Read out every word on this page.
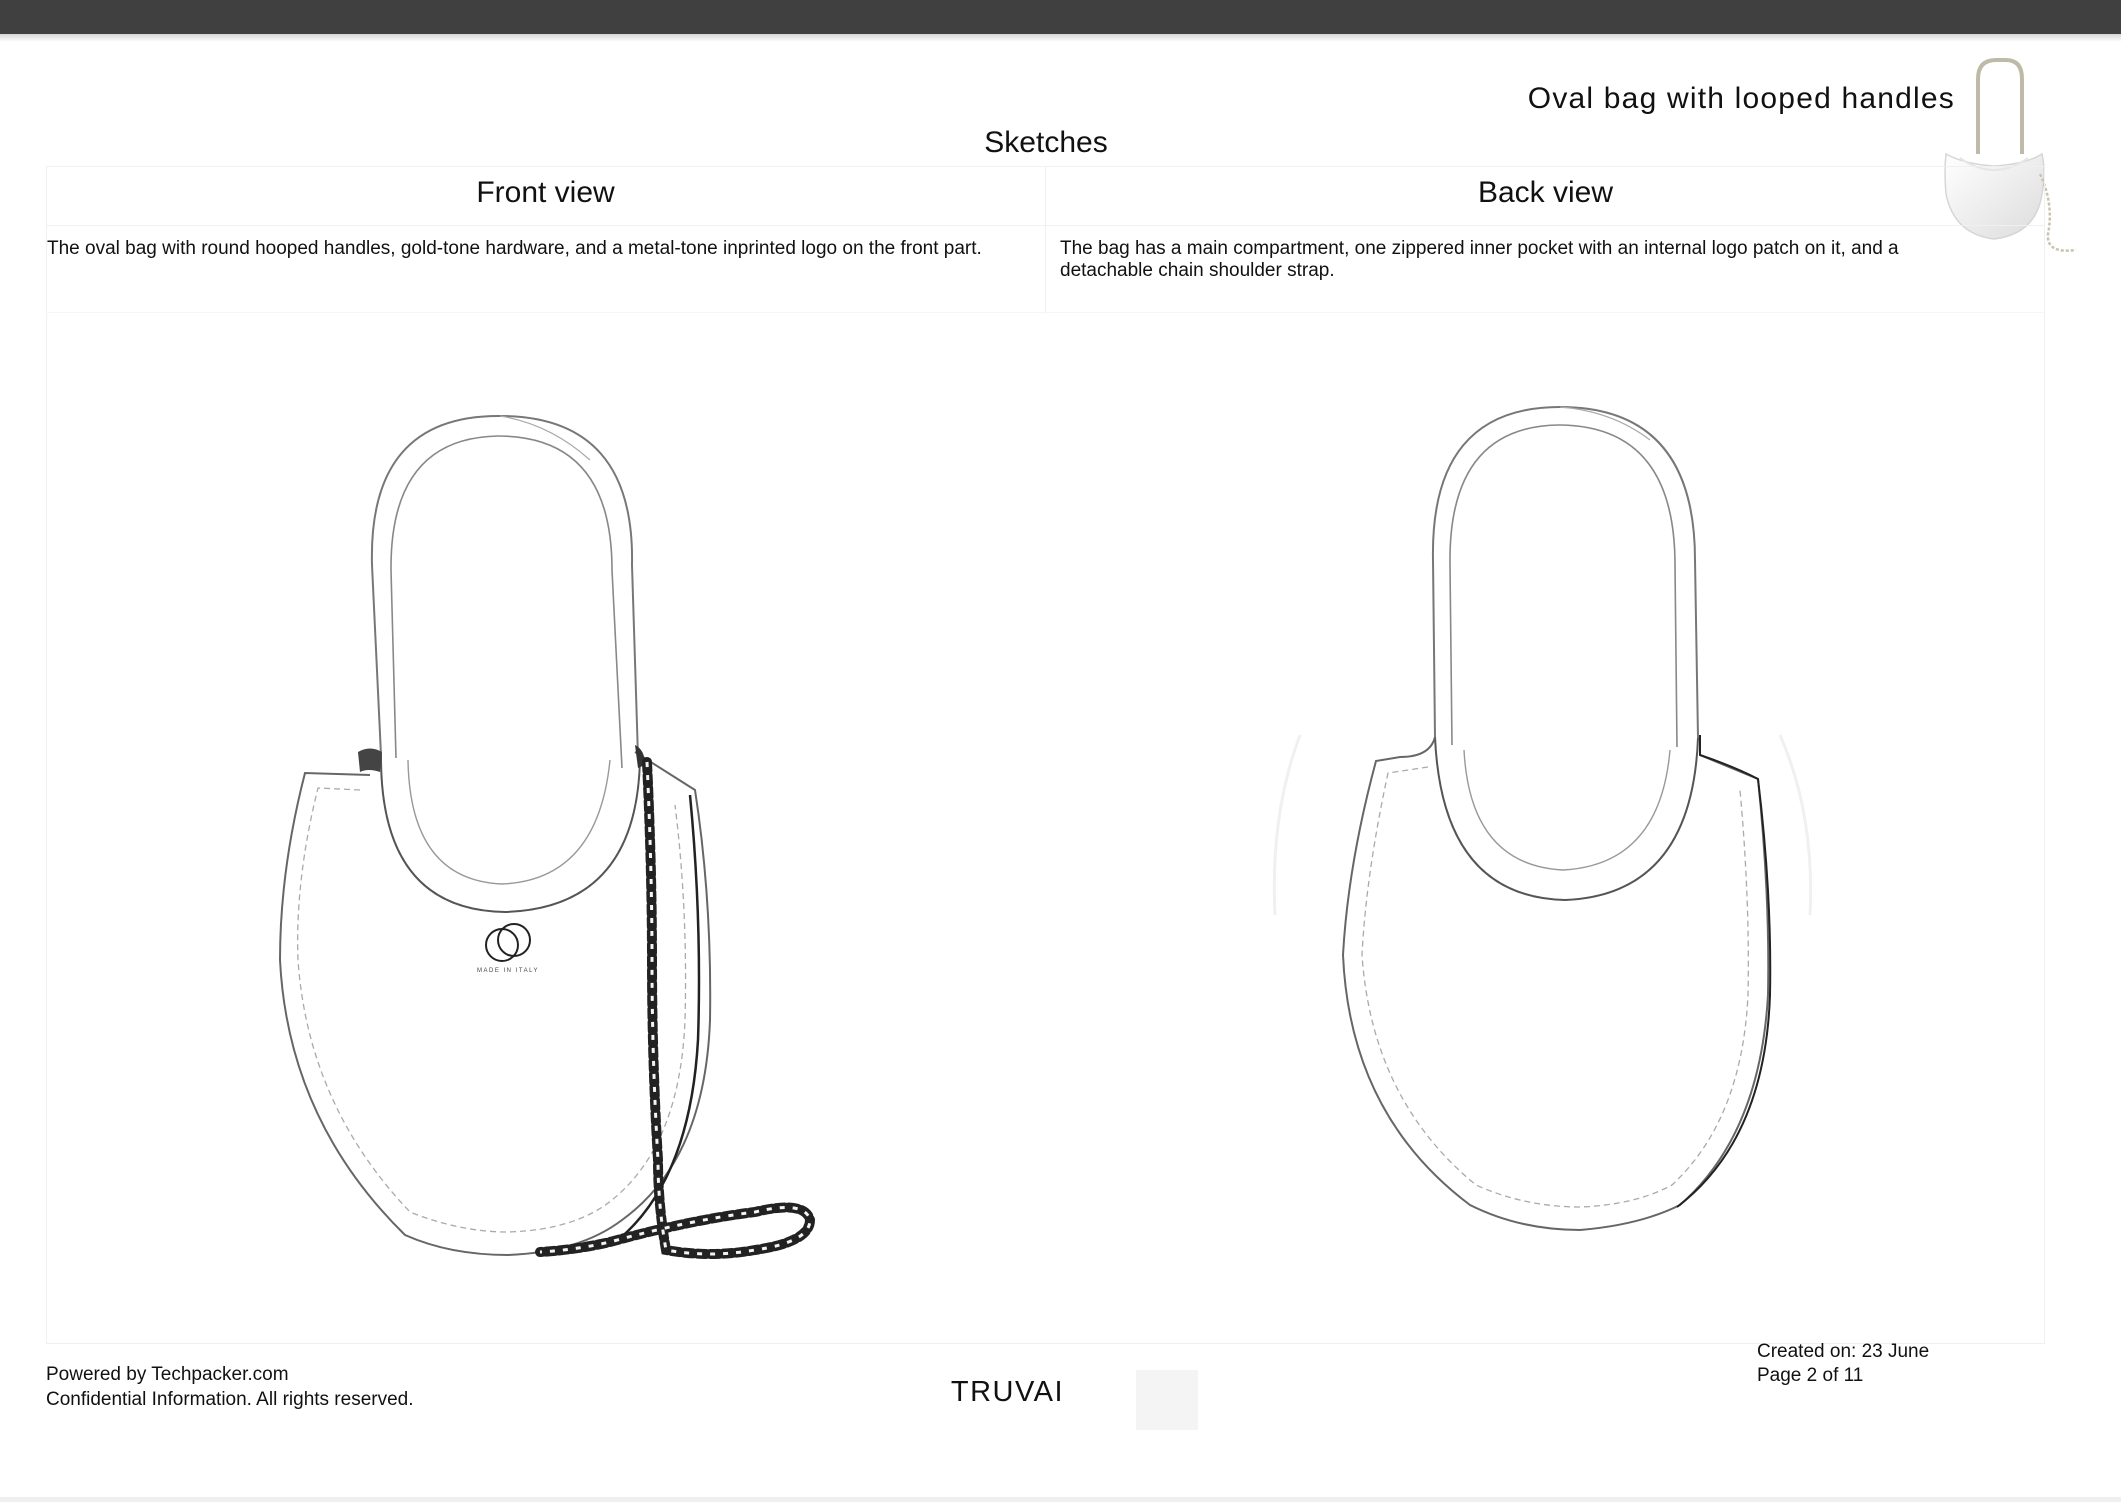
Oval bag with looped handles
Sketches
Front view	Back view
The oval bag with round hooped handles, gold-tone hardware, and a metal-tone inprinted logo on the front part.	The bag has a main compartment, one zippered inner pocket with an internal logo patch on it, and a detachable chain shoulder strap.
MADE IN ITALY
Powered by Techpacker.com
Confidential Information. All rights reserved.	TRUVAI
Created on: 23 June
Page 2 of 11
